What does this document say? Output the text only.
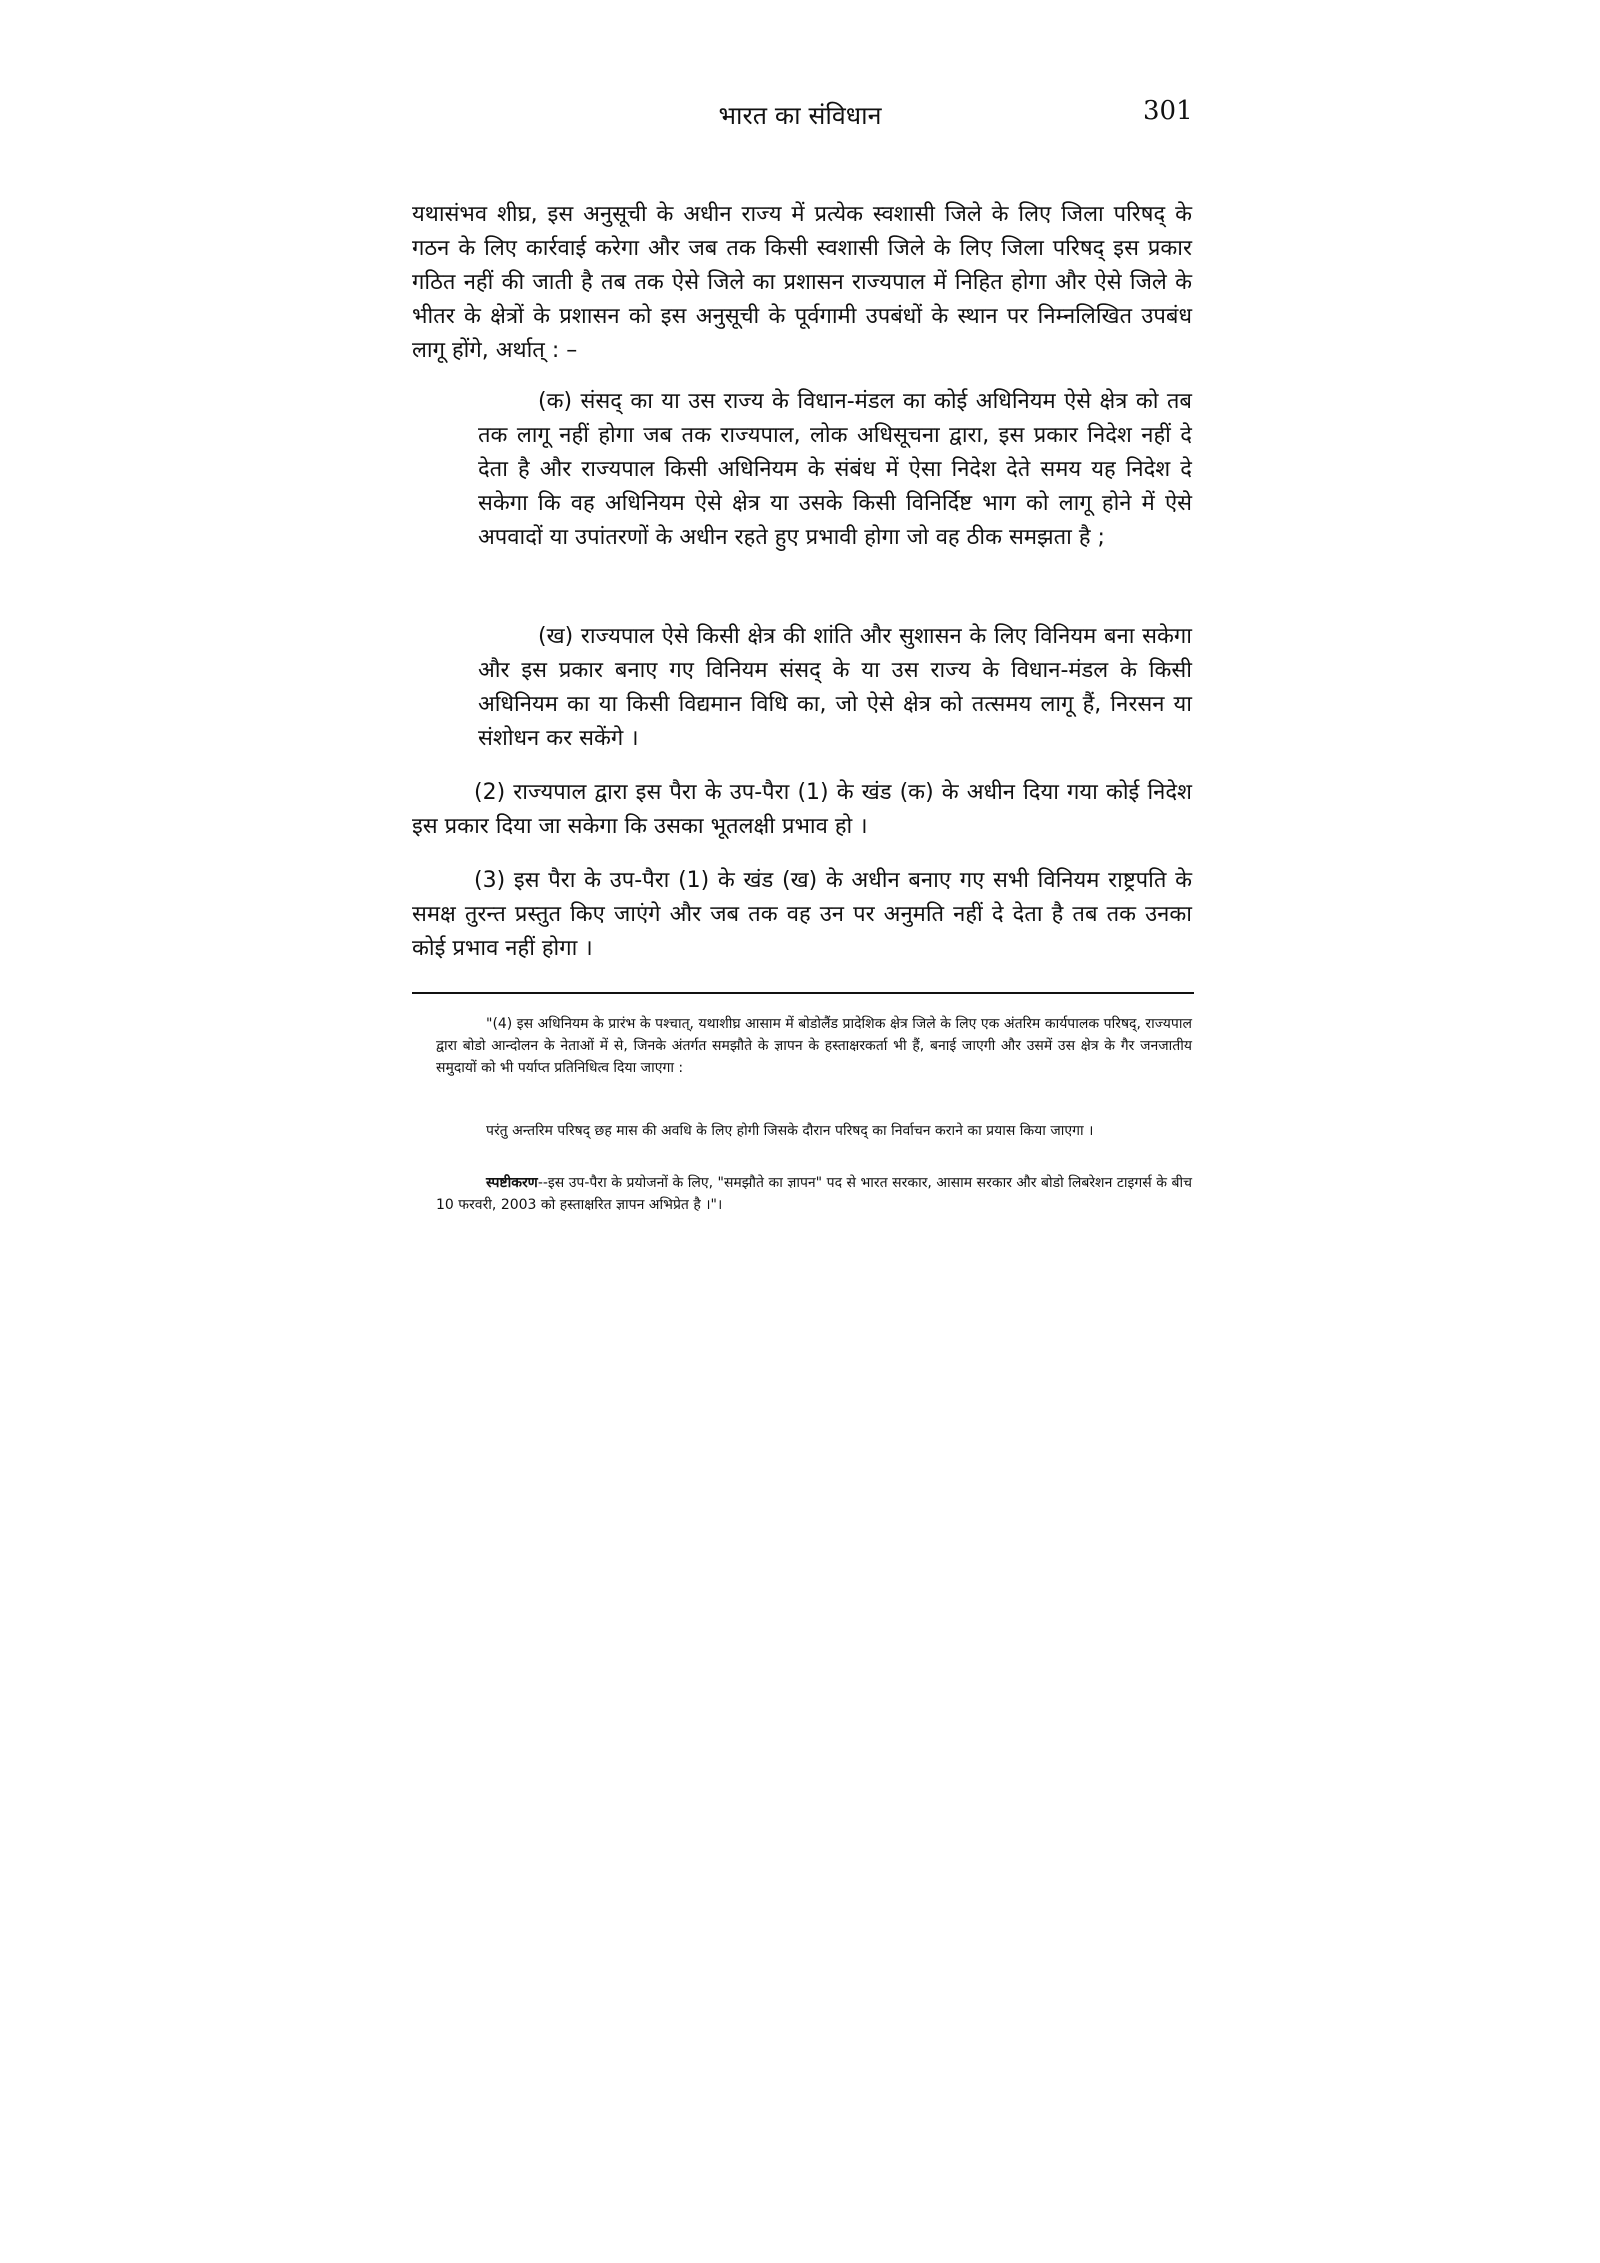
भारत का संविधान	301

यथासंभव शीघ्र, इस अनुसूची के अधीन राज्य में प्रत्येक स्वशासी जिले के लिए जिला परिषद् के गठन के लिए कार्रवाई करेगा और जब तक किसी स्वशासी जिले के लिए जिला परिषद् इस प्रकार गठित नहीं की जाती है तब तक ऐसे जिले का प्रशासन राज्यपाल में निहित होगा और ऐसे जिले के भीतर के क्षेत्रों के प्रशासन को इस अनुसूची के पूर्वगामी उपबंधों के स्थान पर निम्नलिखित उपबंध लागू होंगे, अर्थात् : –

(क) संसद् का या उस राज्य के विधान-मंडल का कोई अधिनियम ऐसे क्षेत्र को तब तक लागू नहीं होगा जब तक राज्यपाल, लोक अधिसूचना द्वारा, इस प्रकार निदेश नहीं दे देता है और राज्यपाल किसी अधिनियम के संबंध में ऐसा निदेश देते समय यह निदेश दे सकेगा कि वह अधिनियम ऐसे क्षेत्र या उसके किसी विनिर्दिष्ट भाग को लागू होने में ऐसे अपवादों या उपांतरणों के अधीन रहते हुए प्रभावी होगा जो वह ठीक समझता है ;

(ख) राज्यपाल ऐसे किसी क्षेत्र की शांति और सुशासन के लिए विनियम बना सकेगा और इस प्रकार बनाए गए विनियम संसद् के या उस राज्य के विधान-मंडल के किसी अधिनियम का या किसी विद्यमान विधि का, जो ऐसे क्षेत्र को तत्समय लागू हैं, निरसन या संशोधन कर सकेंगे ।

(2) राज्यपाल द्वारा इस पैरा के उप-पैरा (1) के खंड (क) के अधीन दिया गया कोई निदेश इस प्रकार दिया जा सकेगा कि उसका भूतलक्षी प्रभाव हो ।

(3) इस पैरा के उप-पैरा (1) के खंड (ख) के अधीन बनाए गए सभी विनियम राष्ट्रपति के समक्ष तुरन्त प्रस्तुत किए जाएंगे और जब तक वह उन पर अनुमति नहीं दे देता है तब तक उनका कोई प्रभाव नहीं होगा ।

"(4) इस अधिनियम के प्रारंभ के पश्चात्, यथाशीघ्र आसाम में बोडोलैंड प्रादेशिक क्षेत्र जिले के लिए एक अंतरिम कार्यपालक परिषद्, राज्यपाल द्वारा बोडो आन्दोलन के नेताओं में से, जिनके अंतर्गत समझौते के ज्ञापन के हस्ताक्षरकर्ता भी हैं, बनाई जाएगी और उसमें उस क्षेत्र के गैर जनजातीय समुदायों को भी पर्याप्त प्रतिनिधित्व दिया जाएगा :

परंतु अन्तरिम परिषद् छह मास की अवधि के लिए होगी जिसके दौरान परिषद् का निर्वाचन कराने का प्रयास किया जाएगा ।

स्पष्टीकरण--इस उप-पैरा के प्रयोजनों के लिए, "समझौते का ज्ञापन" पद से भारत सरकार, आसाम सरकार और बोडो लिबरेशन टाइगर्स के बीच 10 फरवरी, 2003 को हस्ताक्षरित ज्ञापन अभिप्रेत है ।"।
